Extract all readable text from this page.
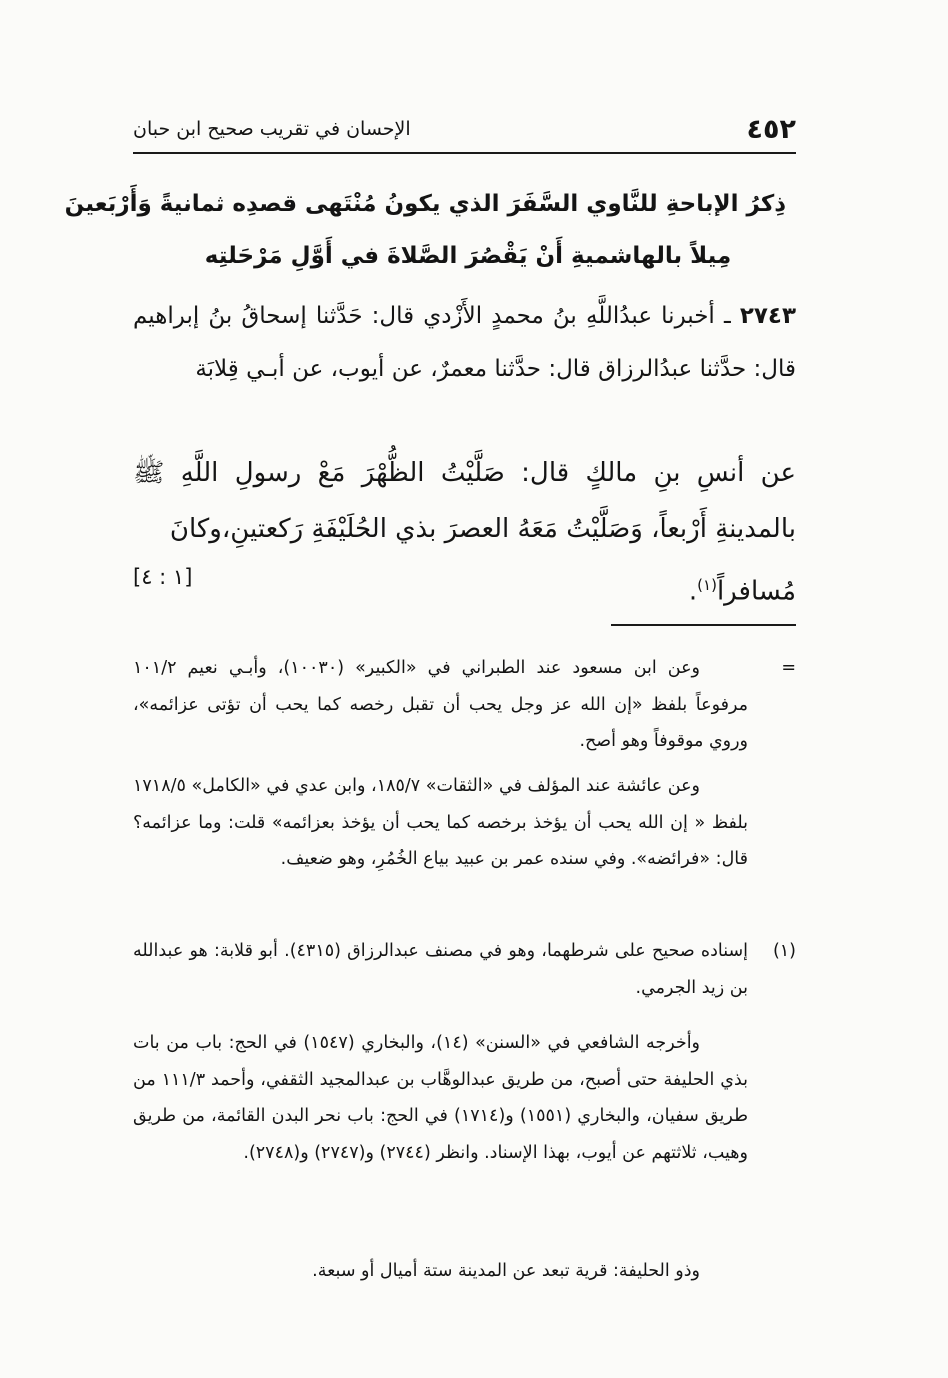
٤٥٢
الإحسان في تقريب صحيح ابن حبان
ذِكرُ الإباحةِ للنَّاوي السَّفَرَ الذي يكونُ مُنْتَهى قصدِه ثمانيةً وَأَرْبَعينَ
مِيلاً بالهاشميةِ أَنْ يَقْصُرَ الصَّلاةَ في أَوَّلِ مَرْحَلتِه
٢٧٤٣ ـ أخبرنا عبدُاللَّهِ بنُ محمدٍ الأَزْدي قال: حَدَّثنا إسحاقُ بنُ إبراهيم قال: حدَّثنا عبدُالرزاق قال: حدَّثنا معمرٌ، عن أيوب، عن أبـي قِلابَة
عن أنسِ بنِ مالكٍ قال: صَلَّيْتُ الظُّهْرَ مَعْ رسولِ اللَّهِ ﷺ بالمدينةِ أَرْبعاً، وَصَلَّيْتُ مَعَهُ العصرَ بذي الحُلَيْفَةِ رَكعتينِ،وكانَ
مُسافراً$^{(١)}$.
[١ : ٤]
=

وعن ابن مسعود عند الطبراني في «الكبير» (١٠٠٣٠)، وأبـي نعيم ١٠١/٢ مرفوعاً بلفظ «إن الله عز وجل يحب أن تقبل رخصه كما يحب أن تؤتى عزائمه»، وروي موقوفاً وهو أصح.

وعن عائشة عند المؤلف في «الثقات» ١٨٥/٧، وابن عدي في «الكامل» ١٧١٨/٥ بلفظ « إن الله يحب أن يؤخذ برخصه كما يحب أن يؤخذ بعزائمه» قلت: وما عزائمه؟ قال: «فرائضه». وفي سنده عمر بن عبيد بياع الخُمُرِ، وهو ضعيف.

(١)

إسناده صحيح على شرطهما، وهو في مصنف عبدالرزاق (٤٣١٥). أبو قلابة: هو عبدالله بن زيد الجرمي.

وأخرجه الشافعي في «السنن» (١٤)، والبخاري (١٥٤٧) في الحج: باب من بات بذي الحليفة حتى أصبح، من طريق عبدالوهَّاب بن عبدالمجيد الثقفي، وأحمد ١١١/٣ من طريق سفيان، والبخاري (١٥٥١) و(١٧١٤) في الحج: باب نحر البدن القائمة، من طريق وهيب، ثلاثتهم عن أيوب، بهذا الإسناد. وانظر (٢٧٤٤) و(٢٧٤٧) و(٢٧٤٨).

وذو الحليفة: قرية تبعد عن المدينة ستة أميال أو سبعة.
